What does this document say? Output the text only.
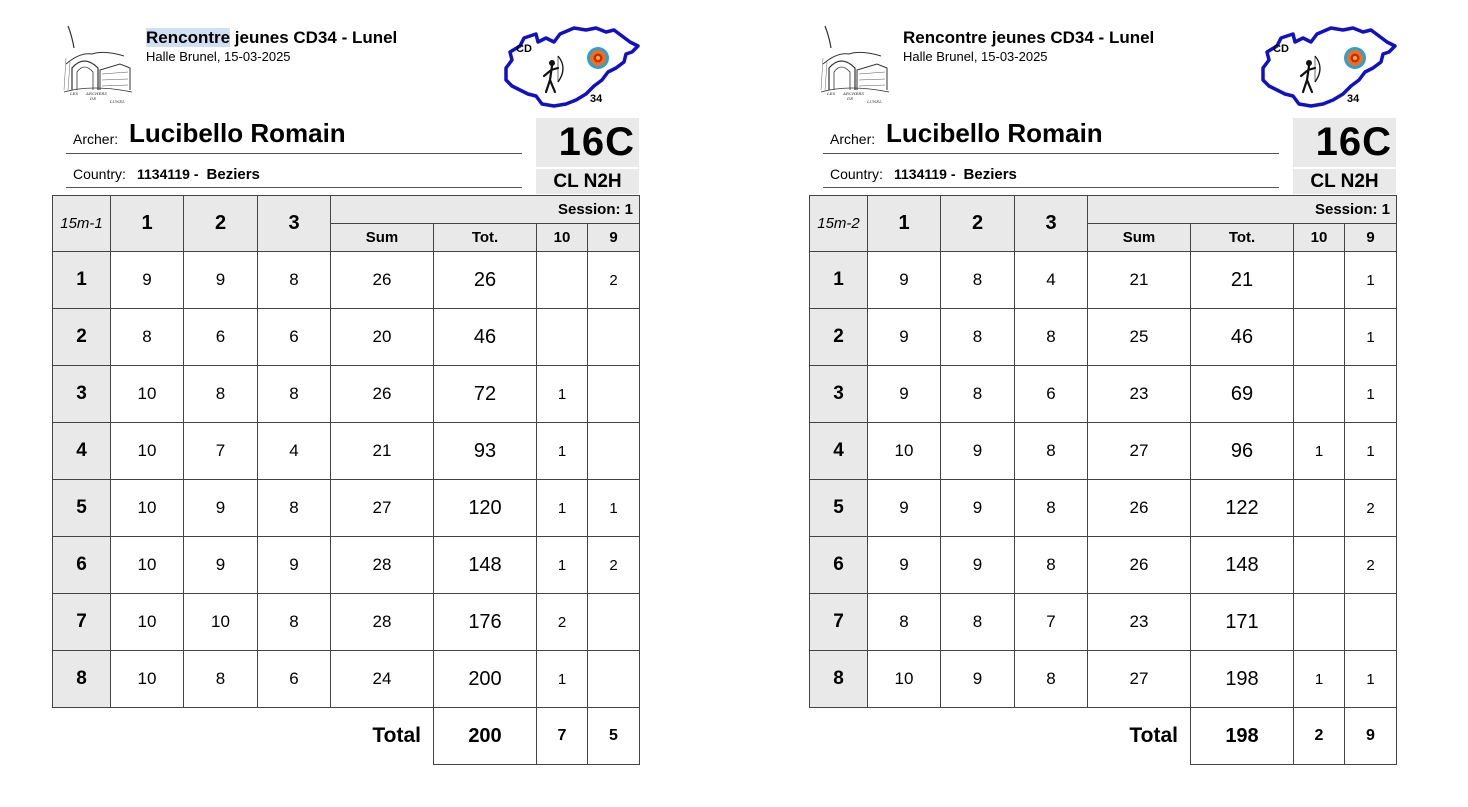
LES ARCHERS
DE
LUNEL
Rencontre jeunes CD34 - Lunel
Halle Brunel, 15-03-2025	CD
34
Archer: Lucibello Romain
Country: 1134119 - Beziers
16C
CL N2H
15m-1	1	2	3	Session: 1			
				Sum	Tot.	10	9
1	9	9	8	26	26		2
2	8	6	6	20	46		
3	10	8	8	26	72	1	
4	10	7	4	21	93	1	
5	10	9	8	27	120	1	1
6	10	9	9	28	148	1	2
7	10	10	8	28	176	2	
8	10	8	6	24	200	1	
				Total	200	7	5
LES ARCHERS
DE
LUNEL
Rencontre jeunes CD34 - Lunel
Halle Brunel, 15-03-2025	CD
34
Archer: Lucibello Romain
Country: 1134119 - Beziers
16C
CL N2H
15m-2	1	2	3	Session: 1			
				Sum	Tot.	10	9
1	9	8	4	21	21		1
2	9	8	8	25	46		1
3	9	8	6	23	69		1
4	10	9	8	27	96	1	1
5	9	9	8	26	122		2
6	9	9	8	26	148		2
7	8	8	7	23	171		
8	10	9	8	27	198	1	1
				Total	198	2	9
